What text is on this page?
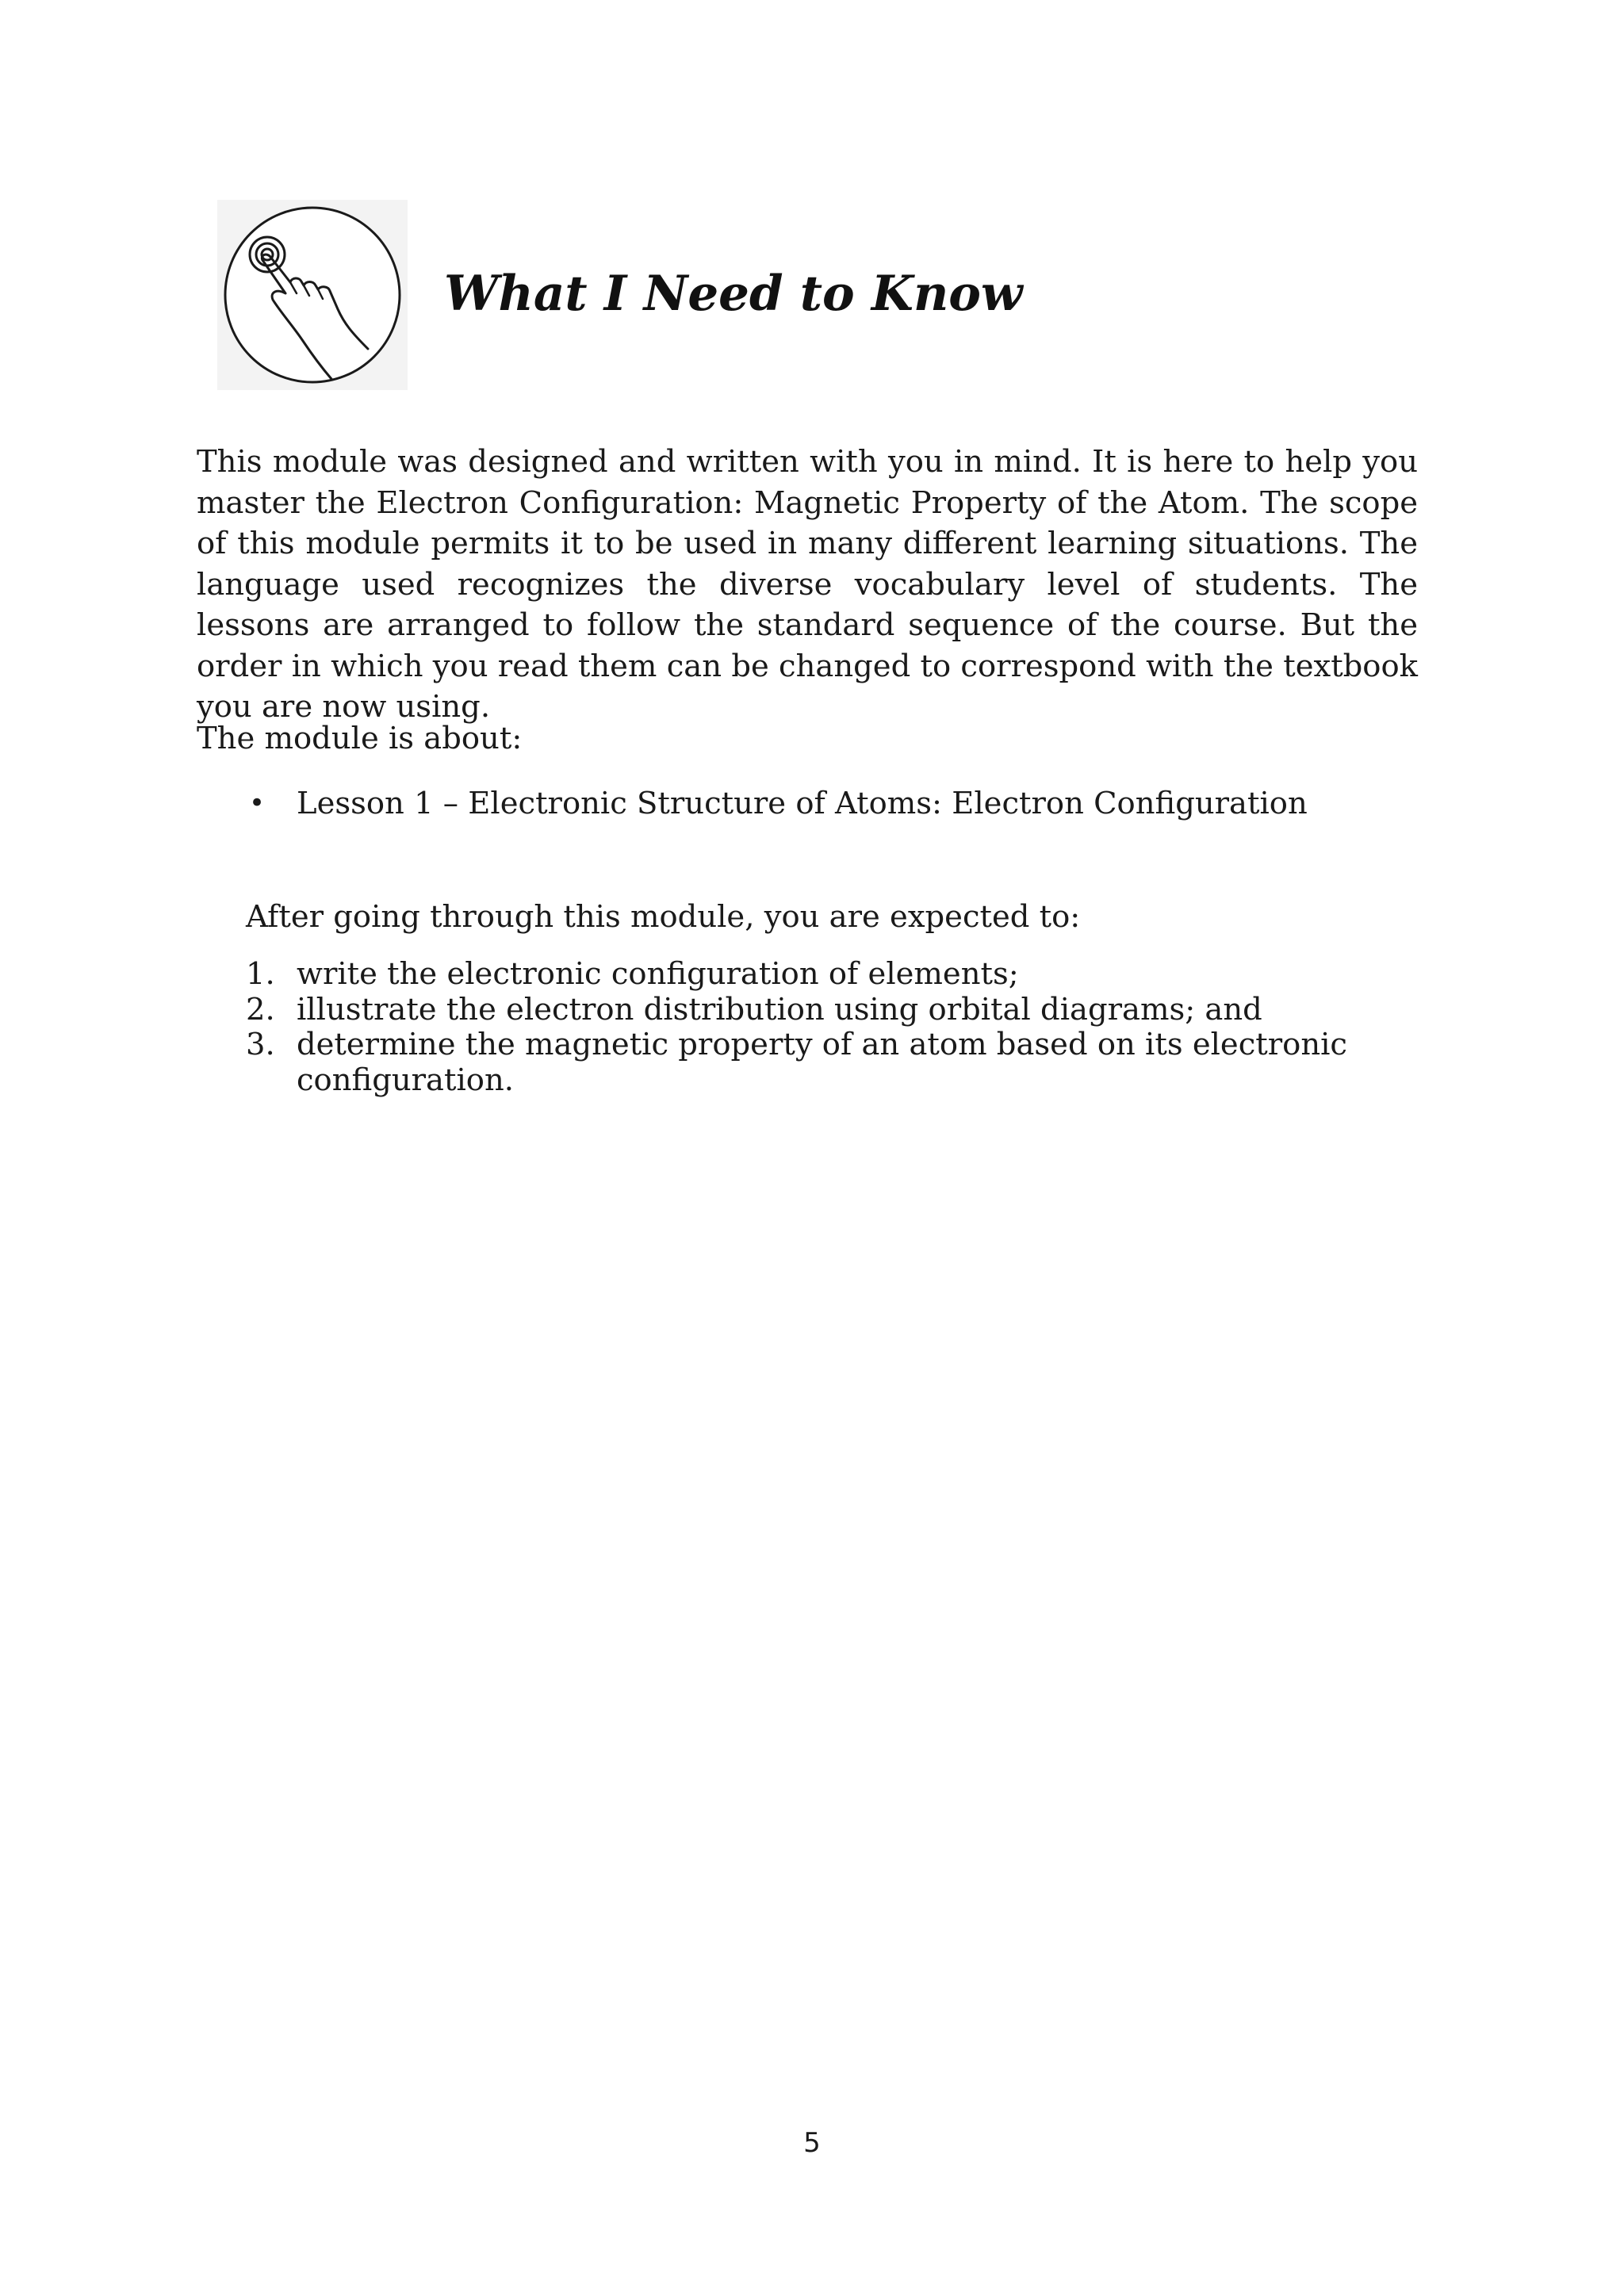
What I Need to Know

This module was designed and written with you in mind. It is here to help you master the Electron Configuration: Magnetic Property of the Atom. The scope of this module permits it to be used in many different learning situations. The language used recognizes the diverse vocabulary level of students. The lessons are arranged to follow the standard sequence of the course. But the order in which you read them can be changed to correspond with the textbook you are now using.

The module is about:

• Lesson 1 – Electronic Structure of Atoms: Electron Configuration

After going through this module, you are expected to:

1. write the electronic configuration of elements;
2. illustrate the electron distribution using orbital diagrams; and
3. determine the magnetic property of an atom based on its electronic
configuration.
5
